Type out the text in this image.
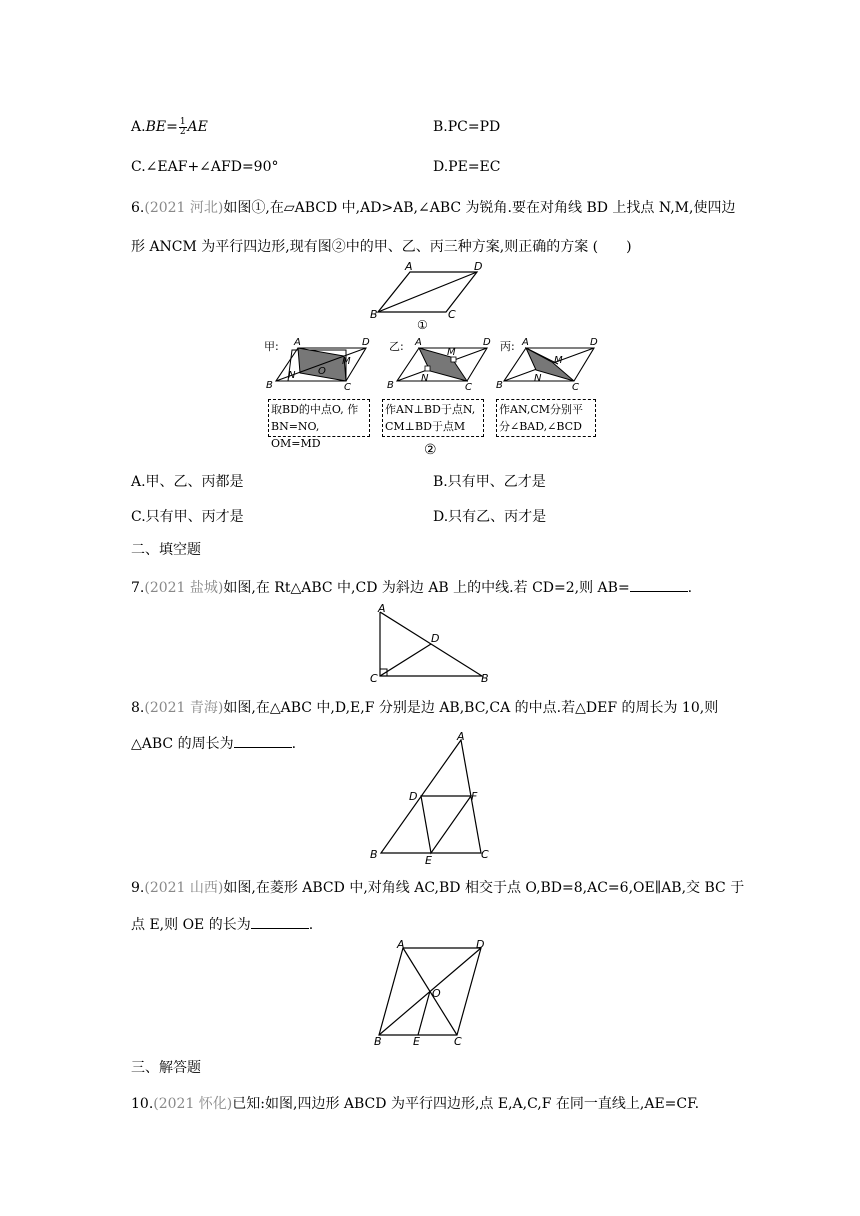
$A.BE= \frac{1}{2}$ AE	B.PC=PD
C.∠EAF+∠AFD=90°	D.PE=EC
6.(2021 河北)如图①,在▱ABCD 中,AD>AB,∠ABC 为锐角.要在对角线 BD 上找点 N,M,使四边
形 ANCM 为平行四边形,现有图②中的甲、乙、丙三种方案,则正确的方案 (　　)
A	D
B	C
①
甲: A	D
B	C
M
N O
乙: A	D
B	C
M
N
丙: A	D
B	C
M
N
取BD的中点O, 作
BN=NO, OM=MD
作AN⊥BD于点N,
CM⊥BD于点M
作AN,CM分别平
分∠BAD,∠BCD
②
A.甲、乙、丙都是	B.只有甲、乙才是
C.只有甲、丙才是	D.只有乙、丙才是
二、填空题
7.(2021 盐城)如图,在 Rt△ABC 中,CD 为斜边 AB 上的中线.若 CD=2,则 AB=	.
A
D
C	B
8.(2021 青海)如图,在△ABC 中,D,E,F 分别是边 AB,BC,CA 的中点.若△DEF 的周长为 10,则
△ABC 的周长为	.	A
D	F
B	E	C
9.(2021 山西)如图,在菱形 ABCD 中,对角线 AC,BD 相交于点 O,BD=8,AC=6,OE∥AB,交 BC 于
点 E,则 OE 的长为	.
A	D
O
B	E	C
三、解答题
10.(2021 怀化)已知:如图,四边形 ABCD 为平行四边形,点 E,A,C,F 在同一直线上,AE=CF.
